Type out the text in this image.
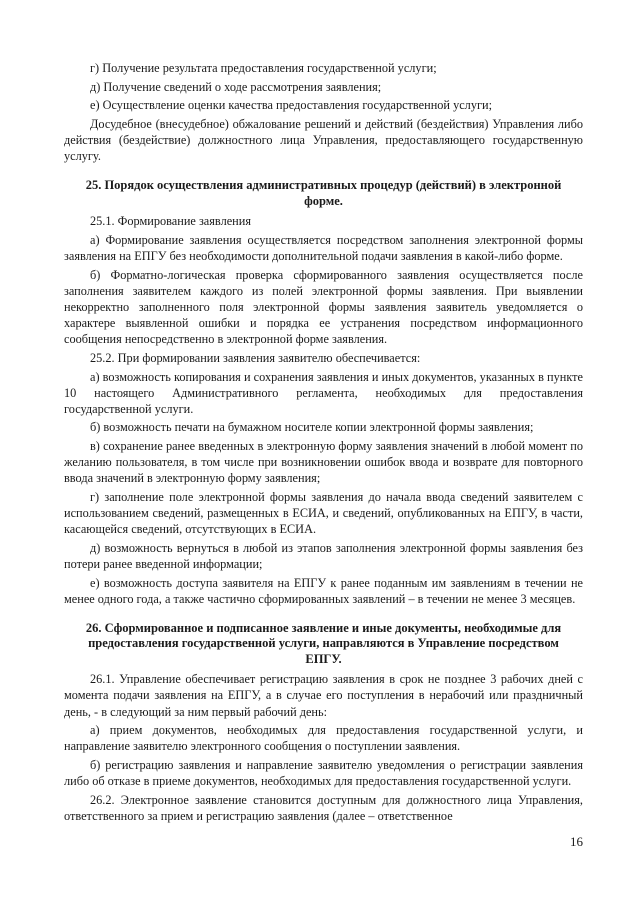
г) Получение результата предоставления государственной услуги;

д) Получение сведений о ходе рассмотрения заявления;

е) Осуществление оценки качества предоставления государственной услуги;

Досудебное (внесудебное) обжалование решений и действий (бездействия) Управления либо действия (бездействие) должностного лица Управления, предоставляющего государственную услугу.

25. Порядок осуществления административных процедур (действий) в электронной форме.

25.1. Формирование заявления

а) Формирование заявления осуществляется посредством заполнения электронной формы заявления на ЕПГУ без необходимости дополнительной подачи заявления в какой-либо форме.

б) Форматно-логическая проверка сформированного заявления осуществляется после заполнения заявителем каждого из полей электронной формы заявления. При выявлении некорректно заполненного поля электронной формы заявления заявитель уведомляется о характере выявленной ошибки и порядка ее устранения посредством информационного сообщения непосредственно в электронной форме заявления.

25.2. При формировании заявления заявителю обеспечивается:

а) возможность копирования и сохранения заявления и иных документов, указанных в пункте 10 настоящего Административного регламента, необходимых для предоставления государственной услуги.

б) возможность печати на бумажном носителе копии электронной формы заявления;

в) сохранение ранее введенных в электронную форму заявления значений в любой момент по желанию пользователя, в том числе при возникновении ошибок ввода и возврате для повторного ввода значений в электронную форму заявления;

г) заполнение поле электронной формы заявления до начала ввода сведений заявителем с использованием сведений, размещенных в ЕСИА, и сведений, опубликованных на ЕПГУ, в части, касающейся сведений, отсутствующих в ЕСИА.

д) возможность вернуться в любой из этапов заполнения электронной формы заявления без потери ранее введенной информации;

е) возможность доступа заявителя на ЕПГУ к ранее поданным им заявлениям в течении не менее одного года, а также частично сформированных заявлений – в течении не менее 3 месяцев.

26. Сформированное и подписанное заявление и иные документы, необходимые для предоставления государственной услуги, направляются в Управление посредством ЕПГУ.

26.1. Управление обеспечивает регистрацию заявления в срок не позднее 3 рабочих дней с момента подачи заявления на ЕПГУ, а в случае его поступления в нерабочий или праздничный день, - в следующий за ним первый рабочий день:

а) прием документов, необходимых для предоставления государственной услуги, и направление заявителю электронного сообщения о поступлении заявления.

б) регистрацию заявления и направление заявителю уведомления о регистрации заявления либо об отказе в приеме документов, необходимых для предоставления государственной услуги.

26.2. Электронное заявление становится доступным для должностного лица Управления, ответственного за прием и регистрацию заявления (далее – ответственное

16
